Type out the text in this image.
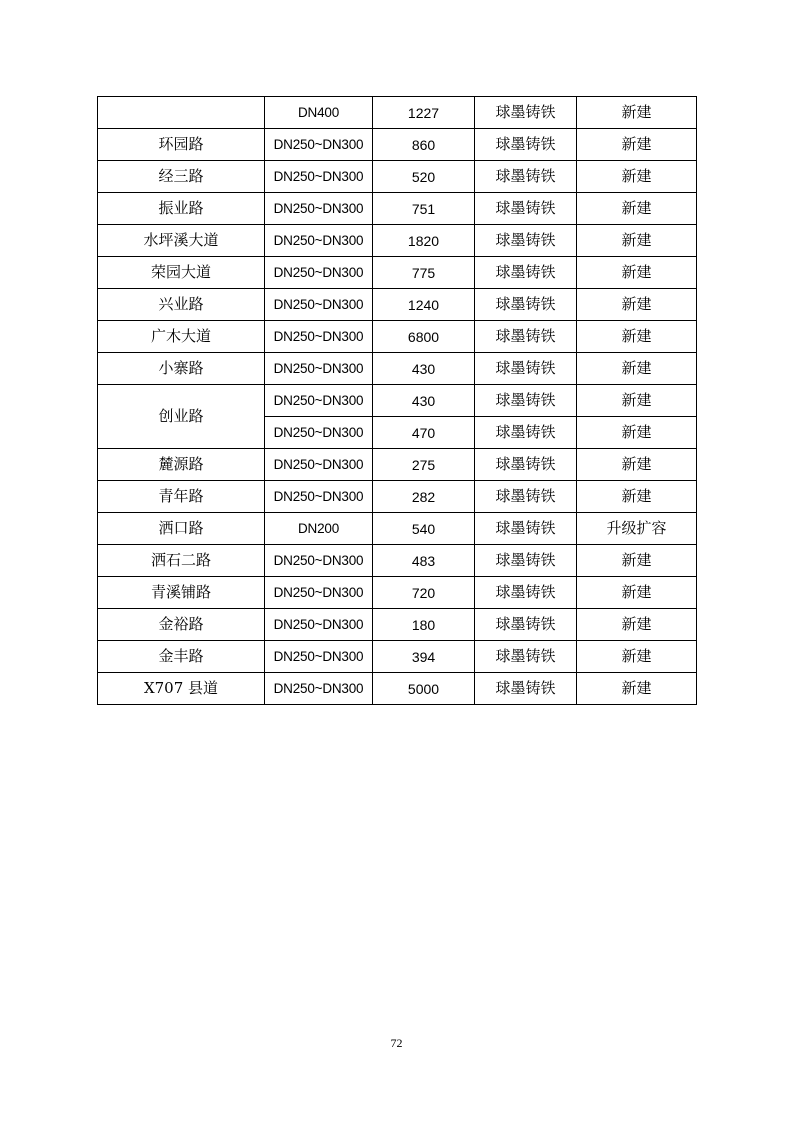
	DN400	1227	球墨铸铁	新建
环园路	DN250~DN300	860	球墨铸铁	新建
经三路	DN250~DN300	520	球墨铸铁	新建
振业路	DN250~DN300	751	球墨铸铁	新建
水坪溪大道	DN250~DN300	1820	球墨铸铁	新建
荣园大道	DN250~DN300	775	球墨铸铁	新建
兴业路	DN250~DN300	1240	球墨铸铁	新建
广木大道	DN250~DN300	6800	球墨铸铁	新建
小寨路	DN250~DN300	430	球墨铸铁	新建
创业路	DN250~DN300	430	球墨铸铁	新建
	DN250~DN300	470	球墨铸铁	新建
麓源路	DN250~DN300	275	球墨铸铁	新建
青年路	DN250~DN300	282	球墨铸铁	新建
洒口路	DN200	540	球墨铸铁	升级扩容
洒石二路	DN250~DN300	483	球墨铸铁	新建
青溪铺路	DN250~DN300	720	球墨铸铁	新建
金裕路	DN250~DN300	180	球墨铸铁	新建
金丰路	DN250~DN300	394	球墨铸铁	新建
X707 县道	DN250~DN300	5000	球墨铸铁	新建
72
